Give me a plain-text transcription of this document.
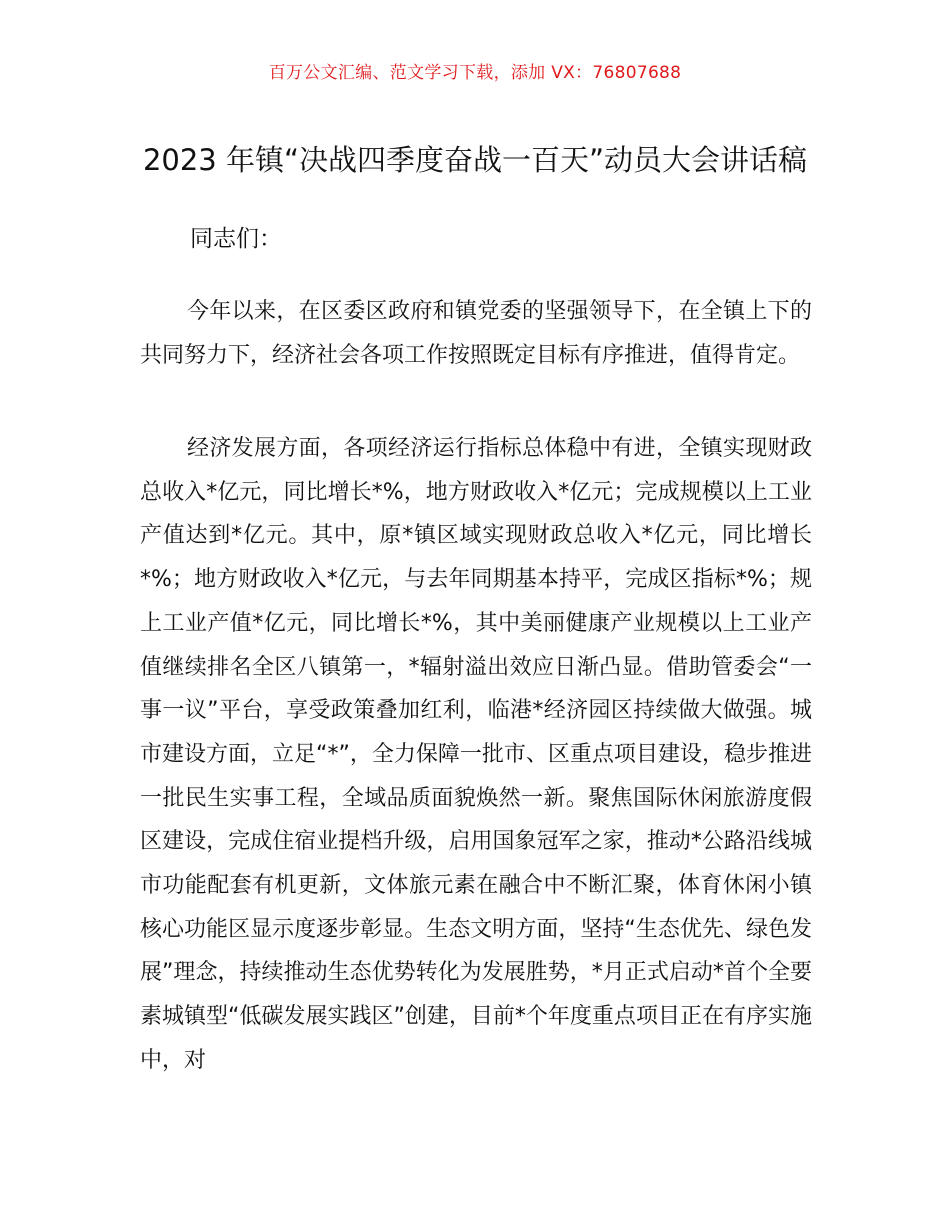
百万公文汇编、范文学习下载，添加 VX：76807688
2023 年镇“决战四季度奋战一百天”动员大会讲话稿
同志们：

今年以来，在区委区政府和镇党委的坚强领导下，在全镇上下的共同努力下，经济社会各项工作按照既定目标有序推进，值得肯定。

经济发展方面，各项经济运行指标总体稳中有进，全镇实现财政总收入*亿元，同比增长*%，地方财政收入*亿元；完成规模以上工业产值达到*亿元。其中，原*镇区域实现财政总收入*亿元，同比增长*%；地方财政收入*亿元，与去年同期基本持平，完成区指标*%；规上工业产值*亿元，同比增长*%，其中美丽健康产业规模以上工业产值继续排名全区八镇第一，*辐射溢出效应日渐凸显。借助管委会“一事一议”平台，享受政策叠加红利，临港*经济园区持续做大做强。城市建设方面，立足“*”，全力保障一批市、区重点项目建设，稳步推进一批民生实事工程，全域品质面貌焕然一新。聚焦国际休闲旅游度假区建设，完成住宿业提档升级，启用国象冠军之家，推动*公路沿线城市功能配套有机更新，文体旅元素在融合中不断汇聚，体育休闲小镇核心功能区显示度逐步彰显。生态文明方面，坚持“生态优先、绿色发展”理念，持续推动生态优势转化为发展胜势，*月正式启动*首个全要素城镇型“低碳发展实践区”创建，目前*个年度重点项目正在有序实施中，对
